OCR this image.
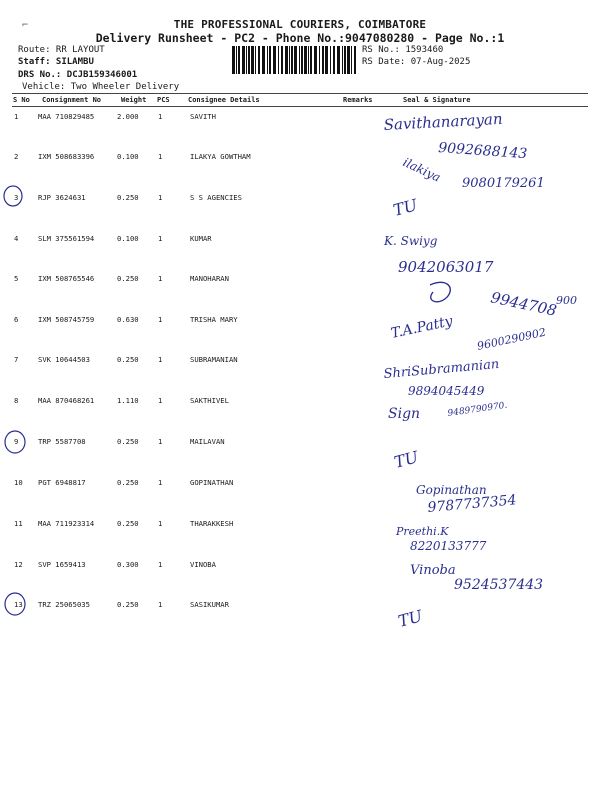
THE PROFESSIONAL COURIERS, COIMBATORE
Delivery Runsheet - PC2 - Phone No.:9047080280 - Page No.:1
Route: RR LAYOUT
Staff: SILAMBU
DRS No.: DCJB159346001
Vehicle: Two Wheeler Delivery
RS No.: 1593460
RS Date: 07-Aug-2025
S No Consignment No	Weight PCS	Consignee Details	Remarks	Seal & Signature
1	MAA 710829485	2.000	1	SAVITH
2	IXM 508683396	0.100	1	ILAKYA GOWTHAM
3	RJP 3624631	0.250	1	S S AGENCIES
4	SLM 375561594	0.100	1	KUMAR
5	IXM 508765546	0.250	1	MANOHARAN
6	IXM 508745759	0.630	1	TRISHA MARY
7	SVK 10644503	0.250	1	SUBRAMANIAN
8	MAA 870468261	1.110	1	SAKTHIVEL
9	TRP 5587708	0.250	1	MAILAVAN
10 PGT 6948817	0.250	1	GOPINATHAN
11 MAA 711923314	0.250	1	THARAKKESH
12 SVP 1659413	0.300	1	VINOBA
13 TRZ 25065035	0.250	1	SASIKUMAR
Savithanarayan
9092688143
ilakiya 9080179261
TU
K. Swiyg
9042063017
9944708
900
T.A.Patty 9600290902
ShriSubramanian
9894045449
Sign	9489790970.
TU
Gopinathan
9787737354
Preethi.K
8220133777
Vinoba
9524537443
TU
⌐
